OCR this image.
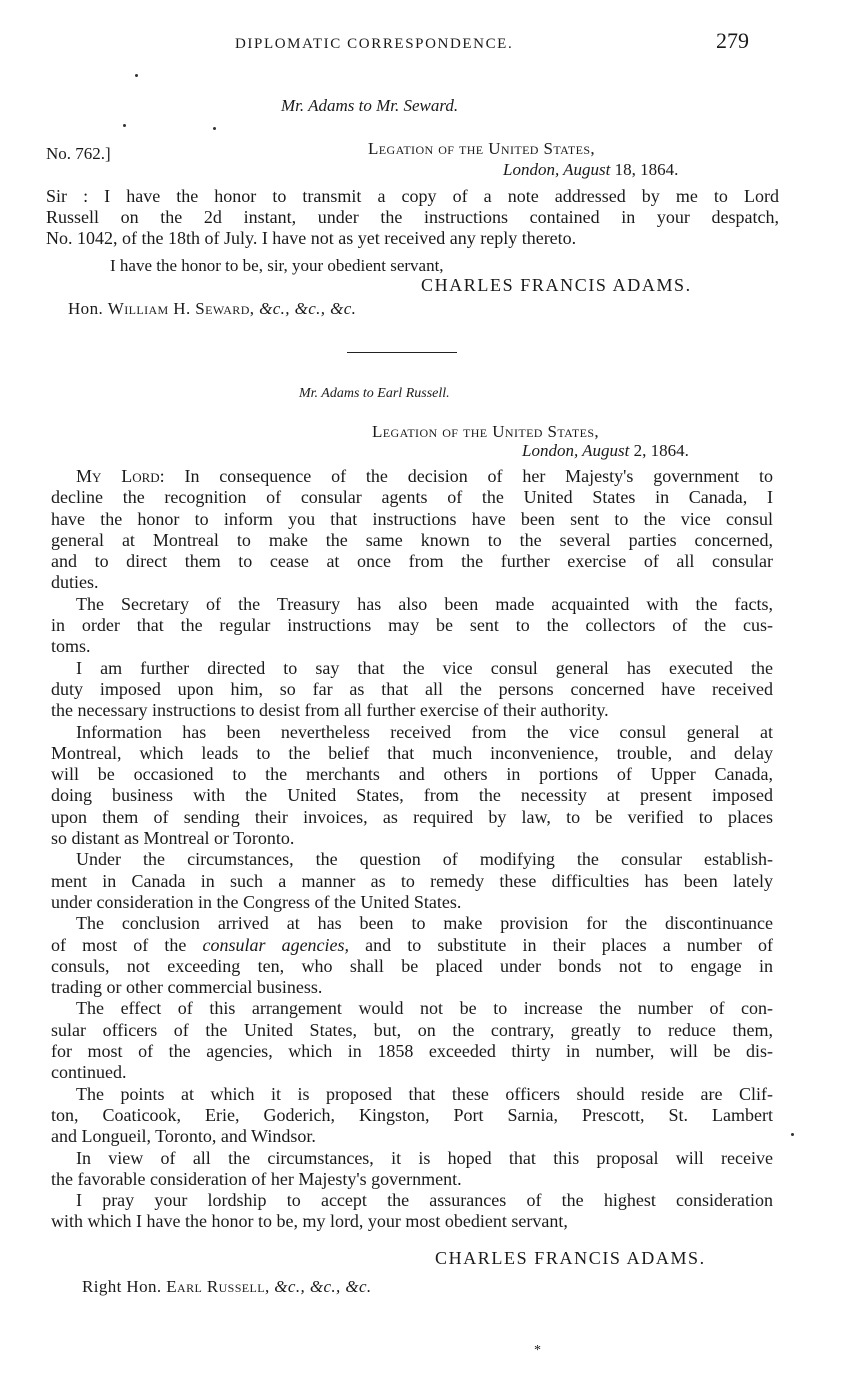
DIPLOMATIC CORRESPONDENCE.	279
Mr. Adams to Mr. Seward.
No. 762.]	Legation of the United States,
London, August 18, 1864.
Sir : I have the honor to transmit a copy of a note addressed by me to Lord
Russell on the 2d instant, under the instructions contained in your despatch,
No. 1042, of the 18th of July. I have not as yet received any reply thereto.
I have the honor to be, sir, your obedient servant,
CHARLES FRANCIS ADAMS.
Hon. William H. Seward, &c., &c., &c.
Mr. Adams to Earl Russell.
Legation of the United States,
London, August 2, 1864.
My Lord: In consequence of the decision of her Majesty's government to
decline the recognition of consular agents of the United States in Canada, I
have the honor to inform you that instructions have been sent to the vice consul
general at Montreal to make the same known to the several parties concerned,
and to direct them to cease at once from the further exercise of all consular
duties.
The Secretary of the Treasury has also been made acquainted with the facts,
in order that the regular instructions may be sent to the collectors of the cus-
toms.
I am further directed to say that the vice consul general has executed the
duty imposed upon him, so far as that all the persons concerned have received
the necessary instructions to desist from all further exercise of their authority.
Information has been nevertheless received from the vice consul general at
Montreal, which leads to the belief that much inconvenience, trouble, and delay
will be occasioned to the merchants and others in portions of Upper Canada,
doing business with the United States, from the necessity at present imposed
upon them of sending their invoices, as required by law, to be verified to places
so distant as Montreal or Toronto.
Under the circumstances, the question of modifying the consular establish-
ment in Canada in such a manner as to remedy these difficulties has been lately
under consideration in the Congress of the United States.
The conclusion arrived at has been to make provision for the discontinuance
of most of the consular agencies, and to substitute in their places a number of
consuls, not exceeding ten, who shall be placed under bonds not to engage in
trading or other commercial business.
The effect of this arrangement would not be to increase the number of con-
sular officers of the United States, but, on the contrary, greatly to reduce them,
for most of the agencies, which in 1858 exceeded thirty in number, will be dis-
continued.
The points at which it is proposed that these officers should reside are Clif-
ton, Coaticook, Erie, Goderich, Kingston, Port Sarnia, Prescott, St. Lambert
and Longueil, Toronto, and Windsor.
In view of all the circumstances, it is hoped that this proposal will receive
the favorable consideration of her Majesty's government.
I pray your lordship to accept the assurances of the highest consideration
with which I have the honor to be, my lord, your most obedient servant,
CHARLES FRANCIS ADAMS.
Right Hon. Earl Russell, &c., &c., &c.
*
